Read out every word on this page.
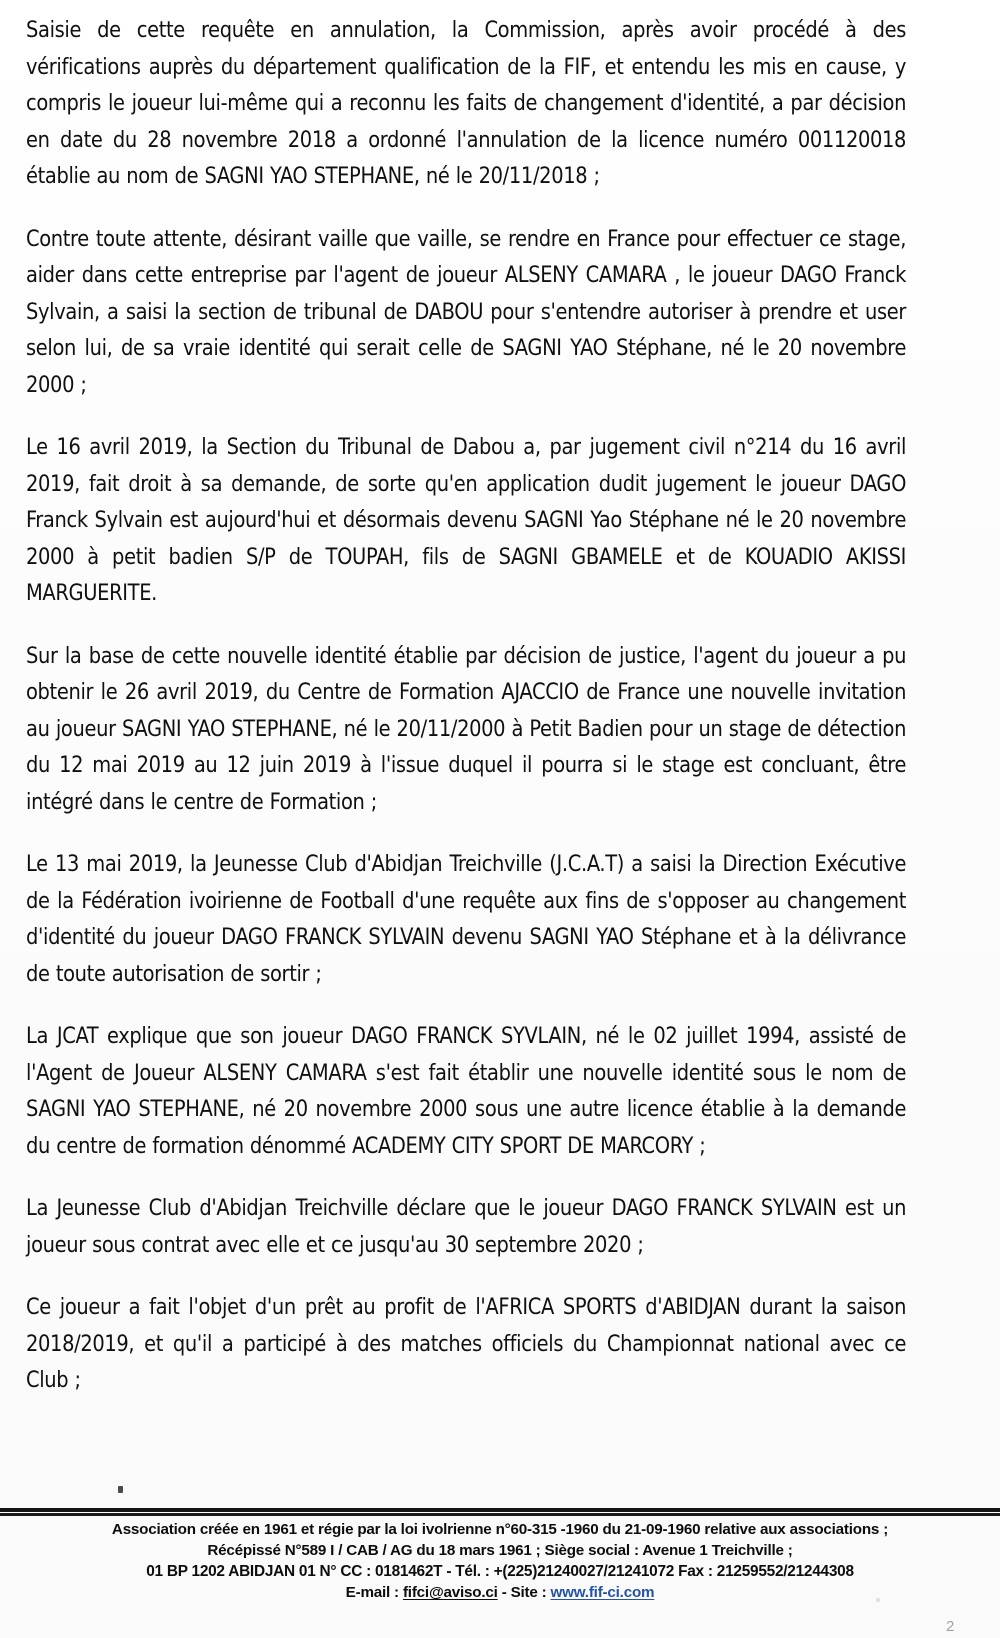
Saisie de cette requête en annulation, la Commission, après avoir procédé à des vérifications auprès du département qualification de la FIF, et entendu les mis en cause, y compris le joueur lui-même qui a reconnu les faits de changement d'identité, a par décision en date du 28 novembre 2018 a ordonné l'annulation de la licence numéro 001120018 établie au nom de SAGNI YAO STEPHANE, né le 20/11/2018 ;

Contre toute attente, désirant vaille que vaille, se rendre en France pour effectuer ce stage, aider dans cette entreprise par l'agent de joueur ALSENY CAMARA , le joueur DAGO Franck Sylvain, a saisi la section de tribunal de DABOU pour s'entendre autoriser à prendre et user selon lui, de sa vraie identité qui serait celle de SAGNI YAO Stéphane, né le 20 novembre 2000 ;

Le 16 avril 2019, la Section du Tribunal de Dabou a, par jugement civil n°214 du 16 avril 2019, fait droit à sa demande, de sorte qu'en application dudit jugement le joueur DAGO Franck Sylvain est aujourd'hui et désormais devenu SAGNI Yao Stéphane né le 20 novembre 2000 à petit badien S/P de TOUPAH, fils de SAGNI GBAMELE et de KOUADIO AKISSI MARGUERITE.

Sur la base de cette nouvelle identité établie par décision de justice, l'agent du joueur a pu obtenir le 26 avril 2019, du Centre de Formation AJACCIO de France une nouvelle invitation au joueur SAGNI YAO STEPHANE, né le 20/11/2000 à Petit Badien pour un stage de détection du 12 mai 2019 au 12 juin 2019 à l'issue duquel il pourra si le stage est concluant, être intégré dans le centre de Formation ;

Le 13 mai 2019, la Jeunesse Club d'Abidjan Treichville (J.C.A.T) a saisi la Direction Exécutive de la Fédération ivoirienne de Football d'une requête aux fins de s'opposer au changement d'identité du joueur DAGO FRANCK SYLVAIN devenu SAGNI YAO Stéphane et à la délivrance de toute autorisation de sortir ;

La JCAT explique que son joueur DAGO FRANCK SYVLAIN, né le 02 juillet 1994, assisté de l'Agent de Joueur ALSENY CAMARA s'est fait établir une nouvelle identité sous le nom de SAGNI YAO STEPHANE, né 20 novembre 2000 sous une autre licence établie à la demande du centre de formation dénommé ACADEMY CITY SPORT DE MARCORY ;

La Jeunesse Club d'Abidjan Treichville déclare que le joueur DAGO FRANCK SYLVAIN est un joueur sous contrat avec elle et ce jusqu'au 30 septembre 2020 ;

Ce joueur a fait l'objet d'un prêt au profit de l'AFRICA SPORTS d'ABIDJAN durant la saison 2018/2019, et qu'il a participé à des matches officiels du Championnat national avec ce Club ;

Association créée en 1961 et régie par la loi ivolrienne n°60-315 -1960 du 21-09-1960 relative aux associations ;
Récépissé N°589 I / CAB / AG du 18 mars 1961 ; Siège social : Avenue 1 Treichville ;
01 BP 1202 ABIDJAN 01 N° CC : 0181462T - Tél. : +(225)21240027/21241072 Fax : 21259552/21244308
E-mail : fifci@aviso.ci - Site : www.fif-ci.com
2
